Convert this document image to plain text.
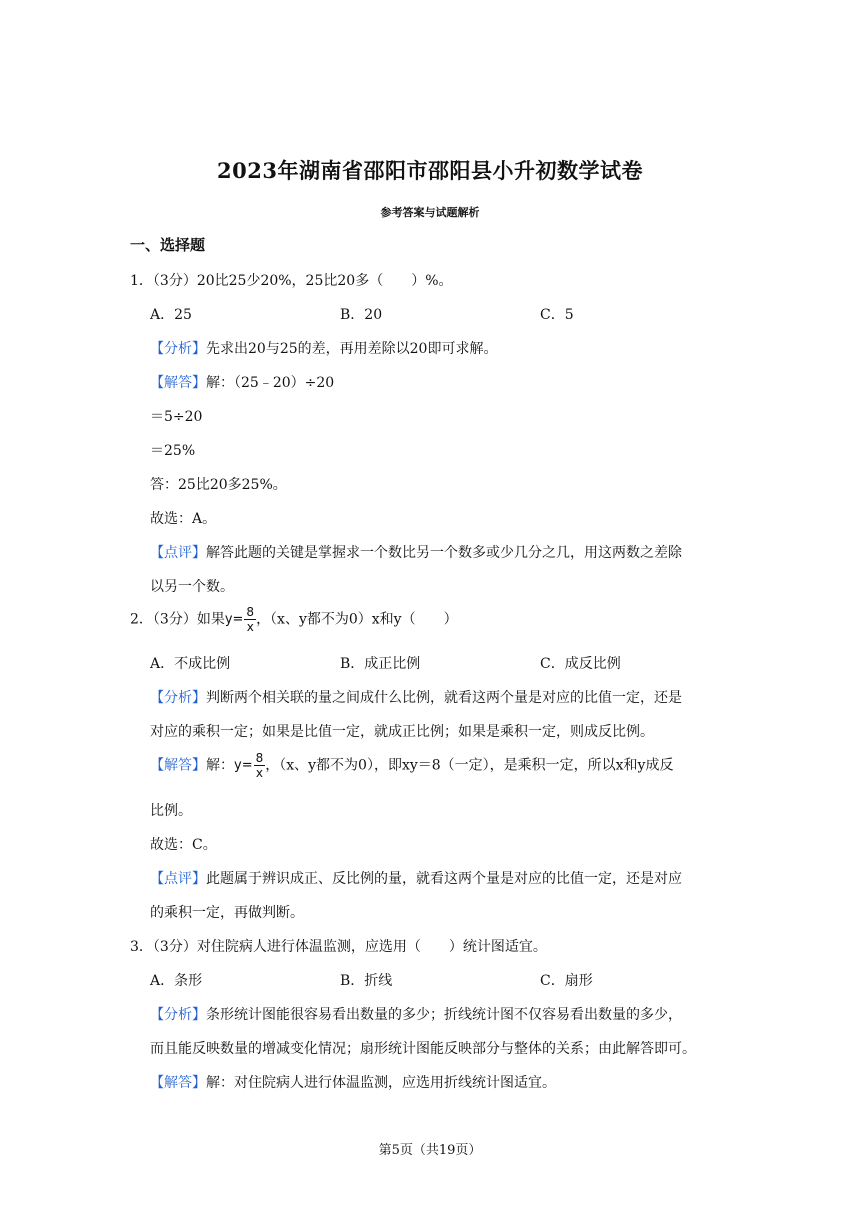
2023年湖南省邵阳市邵阳县小升初数学试卷
参考答案与试题解析
一、选择题
1．（3分）20比25少20%，25比20多（　　）%。
A．25	B．20	C．5
【分析】先求出20与25的差，再用差除以20即可求解。
【解答】解：（25﹣20）÷20
＝5÷20
＝25%
答：25比20多25%。
故选：A。
【点评】解答此题的关键是掌握求一个数比另一个数多或少几分之几，用这两数之差除
以另一个数。
2．（3分）如果$y= \frac{8}{x}$ ，（x、y都不为0）x和y（　　）
A．不成比例	B．成正比例	C．成反比例
【分析】判断两个相关联的量之间成什么比例，就看这两个量是对应的比值一定，还是
对应的乘积一定；如果是比值一定，就成正比例；如果是乘积一定，则成反比例。
【解答】解：$y= \frac{8}{x}$ ，（x、y都不为0），即xy＝8（一定），是乘积一定，所以x和y成反
比例。
故选：C。
【点评】此题属于辨识成正、反比例的量，就看这两个量是对应的比值一定，还是对应
的乘积一定，再做判断。
3．（3分）对住院病人进行体温监测，应选用（　　）统计图适宜。
A．条形	B．折线	C．扇形
【分析】条形统计图能很容易看出数量的多少；折线统计图不仅容易看出数量的多少，
而且能反映数量的增减变化情况；扇形统计图能反映部分与整体的关系；由此解答即可。
【解答】解：对住院病人进行体温监测，应选用折线统计图适宜。
第5页（共19页）
